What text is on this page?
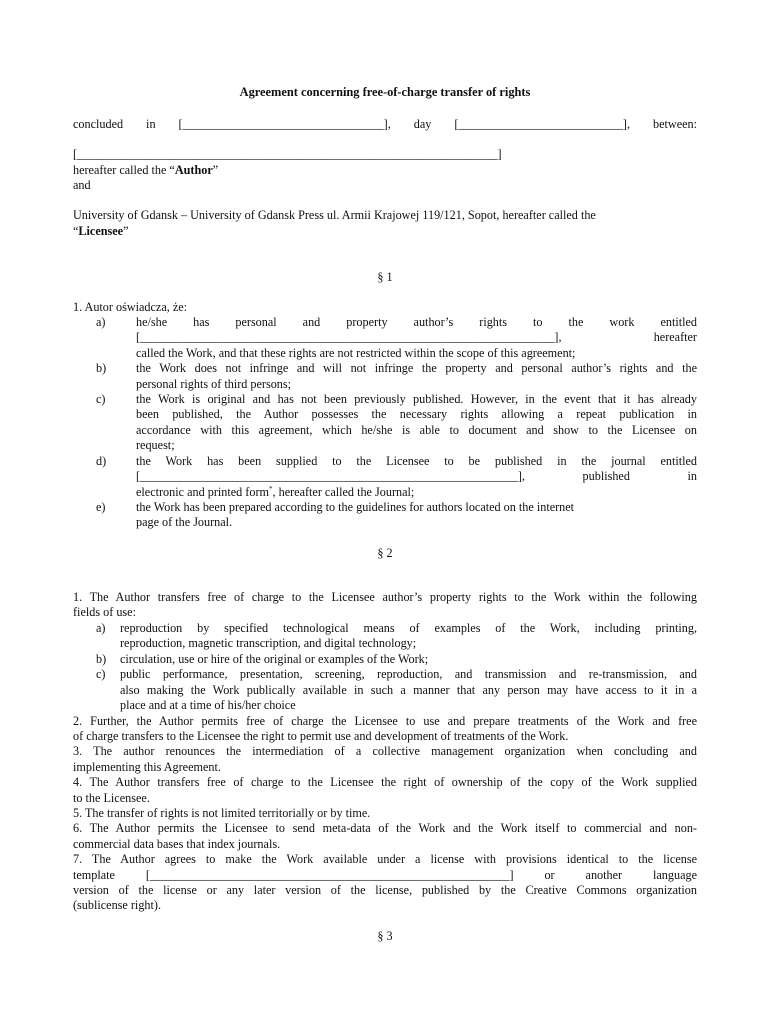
Agreement concerning free-of-charge transfer of rights
concluded in [_________________________________], day [___________________________], between:
[_____________________________________________________________________]
hereafter called the “Author”
and
University of Gdansk – University of Gdansk Press ul. Armii Krajowej 119/121, Sopot, hereafter called the
“Licensee”
§ 1
1. Autor oświadcza, że:
a)	he/she has personal and property author’s rights to the work entitled
[____________________________________________________________________], hereafter
called the Work, and that these rights are not restricted within the scope of this agreement;
b) the Work does not infringe and will not infringe the property and personal author’s rights and the
personal rights of third persons;
c)	the Work is original and has not been previously published. However, in the event that it has already
been published, the Author possesses the necessary rights allowing a repeat publication in
accordance with this agreement, which he/she is able to document and show to the Licensee on
request;
d) the Work has been supplied to the Licensee to be published in the journal entitled
[______________________________________________________________], published in
electronic and printed form*, hereafter called the Journal;
e)	the Work has been prepared according to the guidelines for authors located on the internet
page of the Journal.
§ 2
1. The Author transfers free of charge to the Licensee author’s property rights to the Work within the following
fields of use:
a) reproduction by specified technological means of examples of the Work, including printing,
reproduction, magnetic transcription, and digital technology;
b) circulation, use or hire of the original or examples of the Work;
c) public performance, presentation, screening, reproduction, and transmission and re-transmission, and
also making the Work publically available in such a manner that any person may have access to it in a
place and at a time of his/her choice
2. Further, the Author permits free of charge the Licensee to use and prepare treatments of the Work and free
of charge transfers to the Licensee the right to permit use and development of treatments of the Work.
3. The author renounces the intermediation of a collective management organization when concluding and
implementing this Agreement.
4. The Author transfers free of charge to the Licensee the right of ownership of the copy of the Work supplied
to the Licensee.
5. The transfer of rights is not limited territorially or by time.
6. The Author permits the Licensee to send meta-data of the Work and the Work itself to commercial and non-
commercial data bases that index journals.
7. The Author agrees to make the Work available under a license with provisions identical to the license
template [___________________________________________________________] or another language
version of the license or any later version of the license, published by the Creative Commons organization
(sublicense right).
§ 3
